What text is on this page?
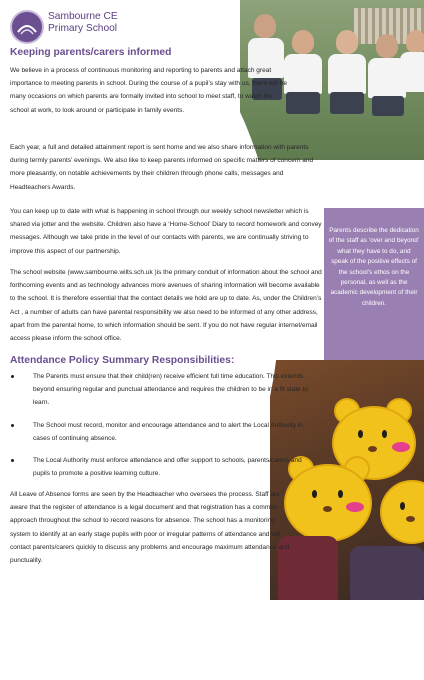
Parents describe the dedication of the staff as ‘over and beyond’ what they have to do, and speak of the positive effects of the school’s ethos on the personal, as well as the academic development of their children.
Sambourne CE
Primary School
Keeping parents/carers informed

We believe in a process of continuous monitoring and reporting to parents and attach great importance to meeting parents in school. During the course of a pupil’s stay with us, there will be many occasions on which parents are formally invited into school to meet staff, to watch the school at work, to look around or participate in family events.

Each year, a full and detailed attainment report is sent home and we also share information with parents during termly parents’ evenings. We also like to keep parents informed on specific matters of concern and more pleasantly, on notable achievements by their children through phone calls, messages and Headteachers Awards.

You can keep up to date with what is happening in school through our weekly school newsletter which is shared via jotter and the website. Children also have a ‘Home-School’ Diary to record homework and convey messages. Although we take pride in the level of our contacts with parents, we are continually striving to improve this aspect of our partnership.

The school website (www.sambourne.wilts.sch.uk )is the primary conduit of information about the school and forthcoming events and as technology advances more avenues of sharing information will become available to the school. It is therefore essential that the contact details we hold are up to date. As, under the Children’s Act , a number of adults can have parental responsibility we also need to be informed of any other address, apart from the parental home, to which information should be sent. If you do not have regular internet/email access please inform the school office.

Attendance Policy Summary Responsibilities:
The Parents must ensure that their child(ren) receive efficient full time education. This extends beyond ensuring regular and punctual attendance and requires the children to be in a fit state to learn.
The School must record, monitor and encourage attendance and to alert the Local Authority in cases of continuing absence.
The Local Authority must enforce attendance and offer support to schools, parents/carers and pupils to promote a positive learning culture.

All Leave of Absence forms are seen by the Headteacher who oversees the process. Staff are aware that the register of attendance is a legal document and that registration has a common approach throughout the school to record reasons for absence. The school has a monitoring system to identify at an early stage pupils with poor or irregular patterns of attendance and will contact parents/carers quickly to discuss any problems and encourage maximum attendance and punctuality.
